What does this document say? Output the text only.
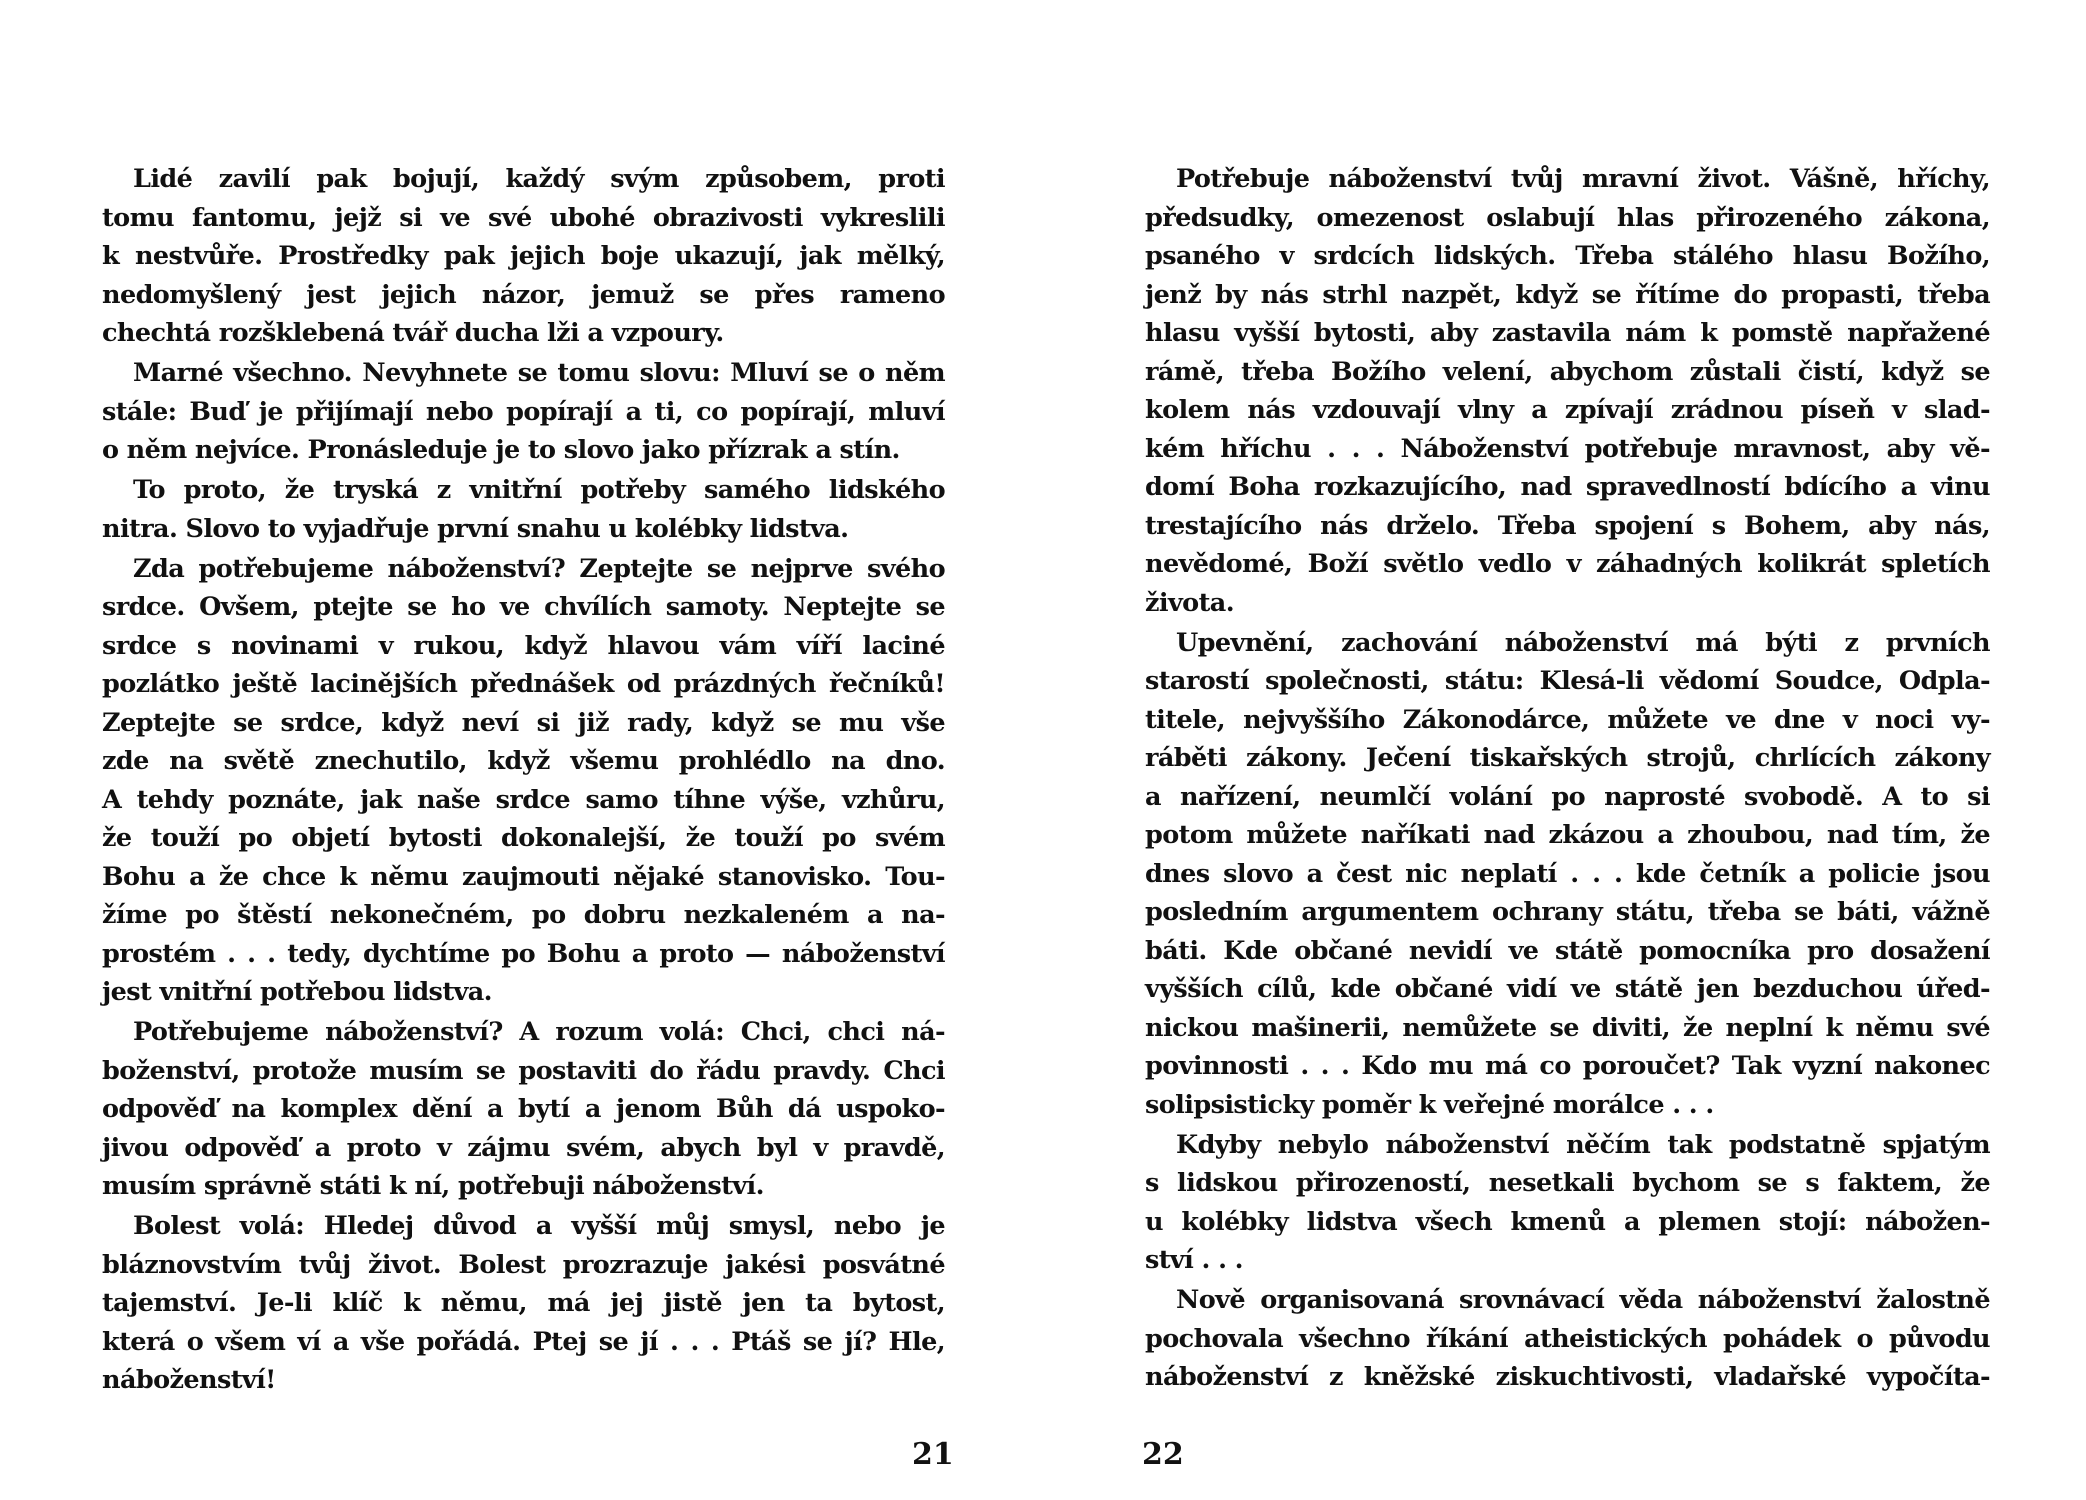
Lidé zavilí pak bojují, každý svým způsobem, proti
tomu fantomu, jejž si ve své ubohé obrazivosti vykreslili
k nestvůře. Prostředky pak jejich boje ukazují, jak mělký,
nedomyšlený jest jejich názor, jemuž se přes rameno
chechtá rozšklebená tvář ducha lži a vzpoury.
Marné všechno. Nevyhnete se tomu slovu: Mluví se o něm
stále: Buď je přijímají nebo popírají a ti, co popírají, mluví
o něm nejvíce. Pronásleduje je to slovo jako přízrak a stín.
To proto, že tryská z vnitřní potřeby samého lidského
nitra. Slovo to vyjadřuje první snahu u kolébky lidstva.
Zda potřebujeme náboženství? Zeptejte se nejprve svého
srdce. Ovšem, ptejte se ho ve chvílích samoty. Neptejte se
srdce s novinami v rukou, když hlavou vám víří laciné
pozlátko ještě lacinějších přednášek od prázdných řečníků!
Zeptejte se srdce, když neví si již rady, když se mu vše
zde na světě znechutilo, když všemu prohlédlo na dno.
A tehdy poznáte, jak naše srdce samo tíhne výše, vzhůru,
že touží po objetí bytosti dokonalejší, že touží po svém
Bohu a že chce k němu zaujmouti nějaké stanovisko. Tou-
žíme po štěstí nekonečném, po dobru nezkaleném a na-
prostém . . . tedy, dychtíme po Bohu a proto — náboženství
jest vnitřní potřebou lidstva.
Potřebujeme náboženství? A rozum volá: Chci, chci ná-
boženství, protože musím se postaviti do řádu pravdy. Chci
odpověď na komplex dění a bytí a jenom Bůh dá uspoko-
jivou odpověď a proto v zájmu svém, abych byl v pravdě,
musím správně státi k ní, potřebuji náboženství.
Bolest volá: Hledej důvod a vyšší můj smysl, nebo je
bláznovstvím tvůj život. Bolest prozrazuje jakési posvátné
tajemství. Je-li klíč k němu, má jej jistě jen ta bytost,
která o všem ví a vše pořádá. Ptej se jí . . . Ptáš se jí? Hle,
náboženství!
21
Potřebuje náboženství tvůj mravní život. Vášně, hříchy,
předsudky, omezenost oslabují hlas přirozeného zákona,
psaného v srdcích lidských. Třeba stálého hlasu Božího,
jenž by nás strhl nazpět, když se řítíme do propasti, třeba
hlasu vyšší bytosti, aby zastavila nám k pomstě napřažené
rámě, třeba Božího velení, abychom zůstali čistí, když se
kolem nás vzdouvají vlny a zpívají zrádnou píseň v slad-
kém hříchu . . . Náboženství potřebuje mravnost, aby vě-
domí Boha rozkazujícího, nad spravedlností bdícího a vinu
trestajícího nás drželo. Třeba spojení s Bohem, aby nás,
nevědomé, Boží světlo vedlo v záhadných kolikrát spletích
života.
Upevnění, zachování náboženství má býti z prvních
starostí společnosti, státu: Klesá-li vědomí Soudce, Odpla-
titele, nejvyššího Zákonodárce, můžete ve dne v noci vy-
ráběti zákony. Ječení tiskařských strojů, chrlících zákony
a nařízení, neumlčí volání po naprosté svobodě. A to si
potom můžete naříkati nad zkázou a zhoubou, nad tím, že
dnes slovo a čest nic neplatí . . . kde četník a policie jsou
posledním argumentem ochrany státu, třeba se báti, vážně
báti. Kde občané nevidí ve státě pomocníka pro dosažení
vyšších cílů, kde občané vidí ve státě jen bezduchou úřed-
nickou mašinerii, nemůžete se diviti, že neplní k němu své
povinnosti . . . Kdo mu má co poroučet? Tak vyzní nakonec
solipsisticky poměr k veřejné morálce . . .
Kdyby nebylo náboženství něčím tak podstatně spjatým
s lidskou přirozeností, nesetkali bychom se s faktem, že
u kolébky lidstva všech kmenů a plemen stojí: nábožen-
ství . . .
Nově organisovaná srovnávací věda náboženství žalostně
pochovala všechno říkání atheistických pohádek o původu
náboženství z kněžské ziskuchtivosti, vladařské vypočíta-
22
